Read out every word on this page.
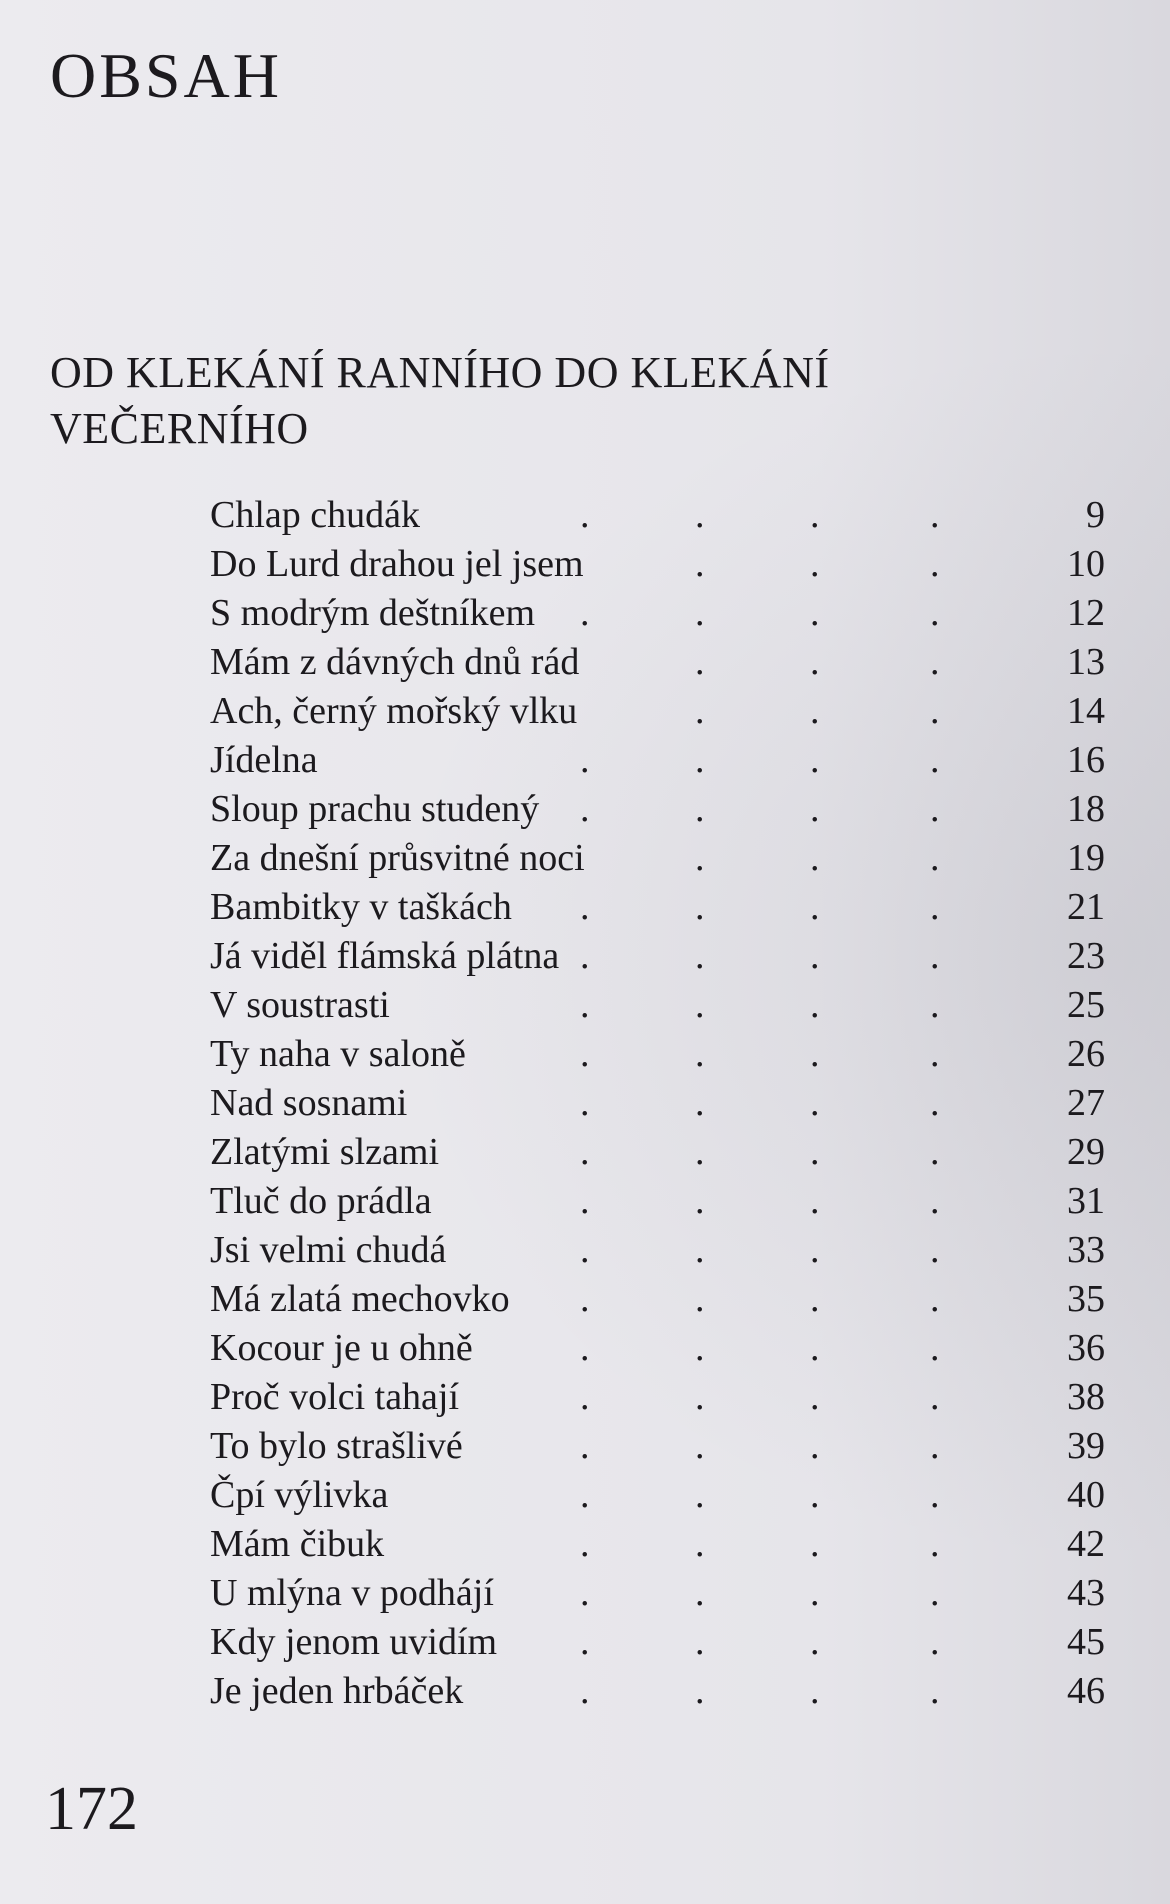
OBSAH
OD KLEKÁNÍ RANNÍHO DO KLEKÁNÍ VEČERNÍHO
Chlap chudák	.	.	.	.	9
Do Lurd drahou jel jsem	.	.	.	10
S modrým deštníkem .	.	.	.	12
Mám z dávných dnů rád	.	.	.	13
Ach, černý mořský vlku	.	.	.	14
Jídelna	.	.	.	.	16
Sloup prachu studený .	.	.	.	18
Za dnešní průsvitné noci	.	.	.	19
Bambitky v taškách .	.	.	.	21
Já viděl flámská plátna .	.	.	.	23
V soustrasti	.	.	.	.	25
Ty naha v saloně	.	.	.	.	26
Nad sosnami	.	.	.	.	27
Zlatými slzami	.	.	.	.	29
Tluč do prádla	.	.	.	.	31
Jsi velmi chudá	.	.	.	.	33
Má zlatá mechovko .	.	.	.	35
Kocour je u ohně	.	.	.	.	36
Proč volci tahají	.	.	.	.	38
To bylo strašlivé	.	.	.	.	39
Čpí výlivka	.	.	.	.	40
Mám čibuk	.	.	.	.	42
U mlýna v podhájí .	.	.	.	43
Kdy jenom uvidím .	.	.	.	45
Je jeden hrbáček	.	.	.	.	46
172
